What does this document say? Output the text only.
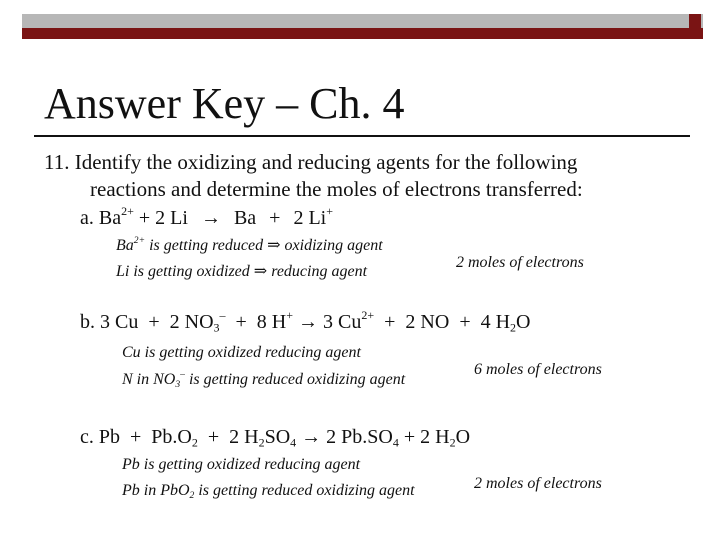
Answer Key – Ch. 4
11. Identify the oxidizing and reducing agents for the following
reactions and determine the moles of electrons transferred:
a. $Ba^{2+} + 2$ Li → Ba + 2 Li+
$Ba^{2+}$ is getting reduced ⇒ oxidizing agent
Li is getting oxidized ⇒ reducing agent
2 moles of electrons
b. 3 Cu  +  2 $NO_3^- + 8$ H+ → 3 $Cu^{2+} + 2$ NO  +  4 $H_2O$
Cu is getting oxidized reducing agent
N in $NO_3^-$ is getting reduced oxidizing agent
6 moles of electrons
c. $Pb + Pb.O_2 + 2$ $H_2SO_4 \to 2$ $Pb.SO_4 + 2$ $H_2O$
Pb is getting oxidized reducing agent
Pb in PbO$_2$ is getting reduced oxidizing agent	2 moles of electrons
